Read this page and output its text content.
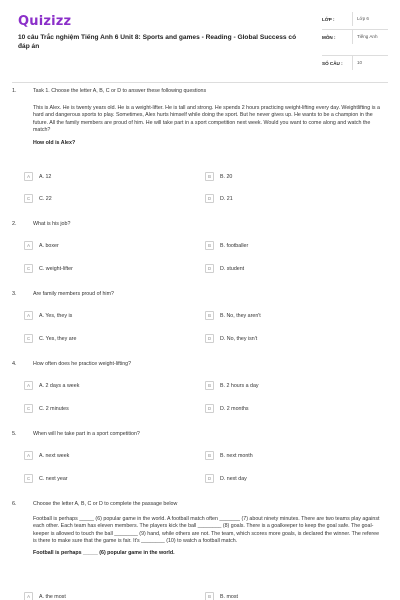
Quizizz
10 câu Trắc nghiệm Tiếng Anh 6 Unit 8: Sports and games - Reading - Global Success có đáp án
LỚP :	Lớp 6
MÔN :	Tiếng Anh
SỐ CÂU :	10
1.	Task 1. Choose the letter A, B, C or D to answer these following questions
This is Alex. He is twenty years old. He is a weight-lifter. He is tall and strong. He spends 2 hours practicing weight-lifting every day. Weightlifting is a hard and dangerous sports to play. Sometimes, Alex hurts himself while doing the sport. But he never gives up. He wants to be a champion in the future. All the family members are proud of him. He will take part in a sport competition next week. Would you want to come along and watch the match?
How old is Alex?
A	A. 12	B	B. 20
C	C. 22	D	D. 21
2.	What is his job?
A	A. boxer	B	B. footballer
C	C. weight-lifter	D	D. student
3.	Are family members proud of him?
A	A. Yes, they is	B	B. No, they aren't
C	C. Yes, they are	D	D. No, they isn't
4.	How often does he practice weight-lifting?
A	A. 2 days a week	B	B. 2 hours a day
C	C. 2 minutes	D	D. 2 months
5.	When will he take part in a sport competition?
A	A. next week	B	B. next month
C	C. next year	D	D. next day
6.	Choose the letter A, B, C or D to complete the passage below
Football is perhaps _____ (6) popular game in the world. A football match often _______ (7) about ninety minutes. There are two teams play against each other. Each team has eleven members. The players kick the ball ________ (8) goals. There is a goalkeeper to keep the goal safe. The goal-keeper is allowed to touch the ball ________ (9) hand, while others are not. The team, which scores more goals, is declared the winner. The referee is there to make sure that the game is fair. It's ________ (10) to watch a football match.
Football is perhaps _____ (6) popular game in the world.
A	A. the most	B	B. most
